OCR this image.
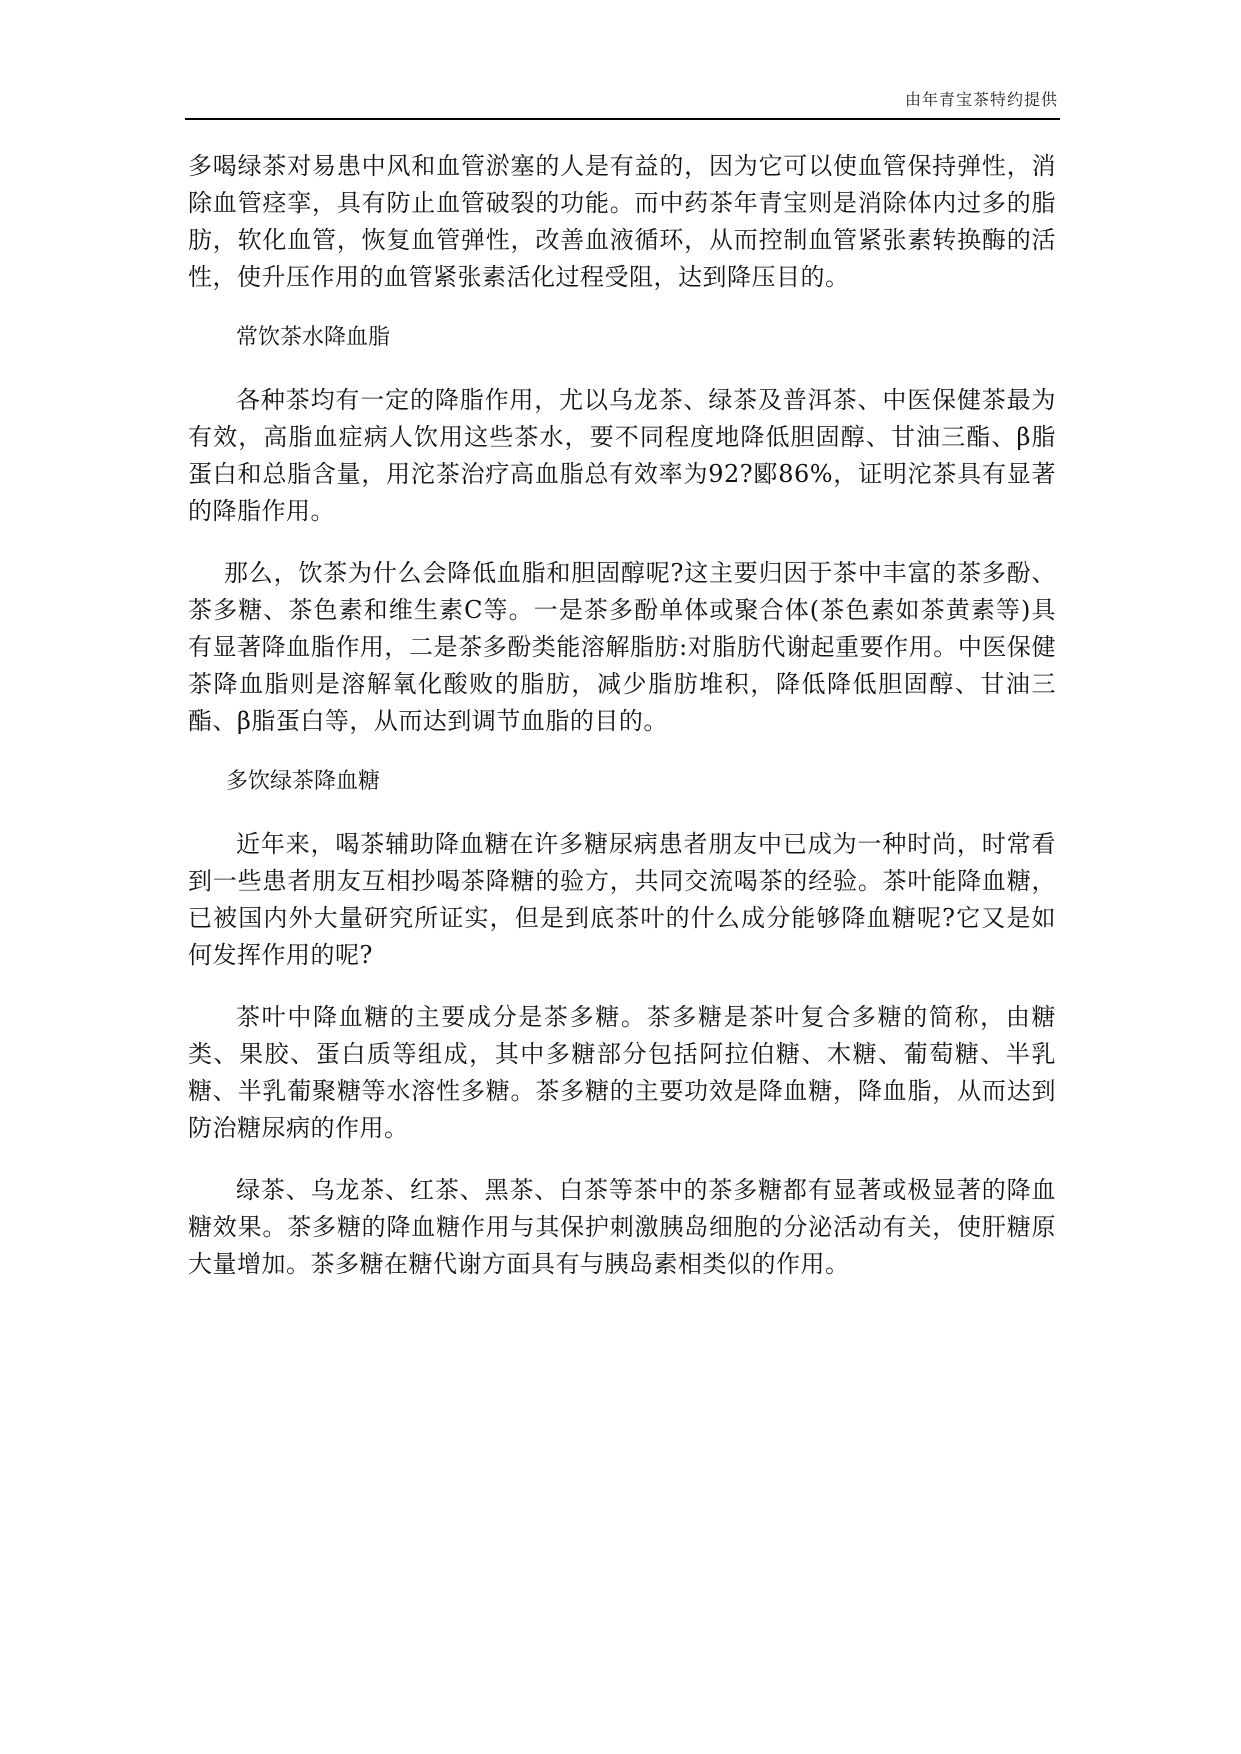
由年青宝茶特约提供

多喝绿茶对易患中风和血管淤塞的人是有益的，因为它可以使血管保持弹性，消除血管痉挛，具有防止血管破裂的功能。而中药茶年青宝则是消除体内过多的脂肪，软化血管，恢复血管弹性，改善血液循环，从而控制血管紧张素转换酶的活性，使升压作用的血管紧张素活化过程受阻，达到降压目的。

常饮茶水降血脂

各种茶均有一定的降脂作用，尤以乌龙茶、绿茶及普洱茶、中医保健茶最为有效，高脂血症病人饮用这些茶水，要不同程度地降低胆固醇、甘油三酯、β脂蛋白和总脂含量，用沱茶治疗高血脂总有效率为92?郾86%，证明沱茶具有显著的降脂作用。

那么，饮茶为什么会降低血脂和胆固醇呢?这主要归因于茶中丰富的茶多酚、茶多糖、茶色素和维生素C等。一是茶多酚单体或聚合体(茶色素如茶黄素等)具有显著降血脂作用，二是茶多酚类能溶解脂肪:对脂肪代谢起重要作用。中医保健茶降血脂则是溶解氧化酸败的脂肪，减少脂肪堆积，降低降低胆固醇、甘油三酯、β脂蛋白等，从而达到调节血脂的目的。

多饮绿茶降血糖

近年来，喝茶辅助降血糖在许多糖尿病患者朋友中已成为一种时尚，时常看到一些患者朋友互相抄喝茶降糖的验方，共同交流喝茶的经验。茶叶能降血糖，已被国内外大量研究所证实，但是到底茶叶的什么成分能够降血糖呢?它又是如何发挥作用的呢?

茶叶中降血糖的主要成分是茶多糖。茶多糖是茶叶复合多糖的简称，由糖类、果胶、蛋白质等组成，其中多糖部分包括阿拉伯糖、木糖、葡萄糖、半乳糖、半乳葡聚糖等水溶性多糖。茶多糖的主要功效是降血糖，降血脂，从而达到防治糖尿病的作用。

绿茶、乌龙茶、红茶、黑茶、白茶等茶中的茶多糖都有显著或极显著的降血糖效果。茶多糖的降血糖作用与其保护刺激胰岛细胞的分泌活动有关，使肝糖原大量增加。茶多糖在糖代谢方面具有与胰岛素相类似的作用。
